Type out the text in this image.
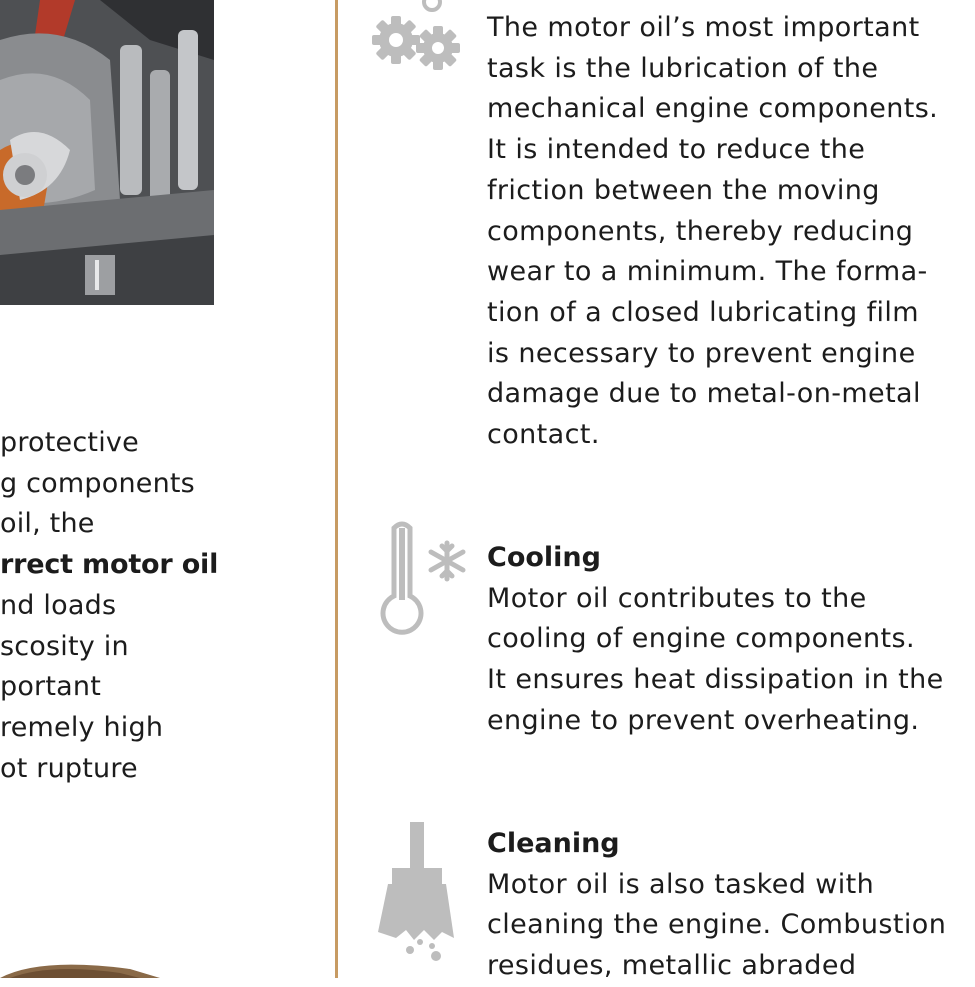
protective
g components
oil, the
rrect motor oil
nd loads
scosity in
portant
remely high
ot rupture
The motor oil’s most important
task is the lubrication of the
mechanical engine components.
It is intended to reduce the
friction between the moving
components, thereby reducing
wear to a minimum. The forma-
tion of a closed lubricating film
is necessary to prevent engine
damage due to metal-on-metal
contact.
Cooling
Motor oil contributes to the
cooling of engine components.
It ensures heat dissipation in the
engine to prevent overheating.
Cleaning
Motor oil is also tasked with
cleaning the engine. Combustion
residues, metallic abraded
